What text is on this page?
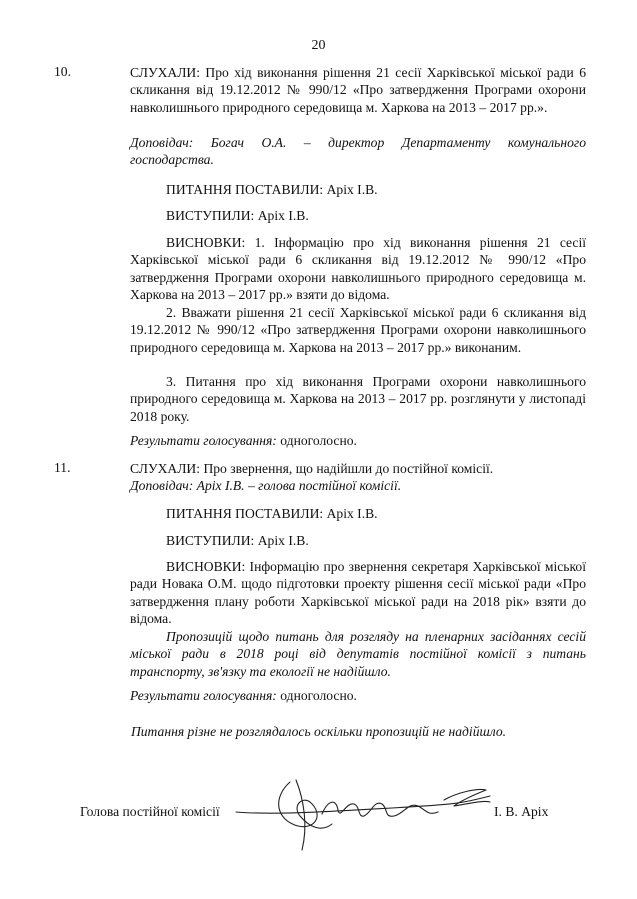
20
10.	СЛУХАЛИ: Про хід виконання рішення 21 сесії Харківської міської ради 6 скликання від 19.12.2012 № 990/12 «Про затвердження Програми охорони навколишнього природного середовища м. Харкова на 2013 – 2017 рр.».
Доповідач: Богач О.А. – директор Департаменту комунального господарства.
ПИТАННЯ ПОСТАВИЛИ: Аріх І.В.
ВИСТУПИЛИ: Аріх І.В.
ВИСНОВКИ: 1. Інформацію про хід виконання рішення 21 сесії Харківської міської ради 6 скликання від 19.12.2012 № 990/12 «Про затвердження Програми охорони навколишнього природного середовища м. Харкова на 2013 – 2017 рр.» взяти до відома.
2. Вважати рішення 21 сесії Харківської міської ради 6 скликання від 19.12.2012 № 990/12 «Про затвердження Програми охорони навколишнього природного середовища м. Харкова на 2013 – 2017 рр.» виконаним.
3. Питання про хід виконання Програми охорони навколишнього природного середовища м. Харкова на 2013 – 2017 рр. розглянути у листопаді 2018 року.
Результати голосування: одноголосно.
11.	СЛУХАЛИ: Про звернення, що надійшли до постійної комісії.
Доповідач: Аріх І.В. – голова постійної комісії.
ПИТАННЯ ПОСТАВИЛИ: Аріх І.В.
ВИСТУПИЛИ: Аріх І.В.
ВИСНОВКИ: Інформацію про звернення секретаря Харківської міської ради Новака О.М. щодо підготовки проекту рішення сесії міської ради «Про затвердження плану роботи Харківської міської ради на 2018 рік» взяти до відома.
Пропозицій щодо питань для розгляду на пленарних засіданнях сесій міської ради в 2018 році від депутатів постійної комісії з питань транспорту, зв'язку та екології не надійшло.
Результати голосування: одноголосно.
Питання різне не розглядалось оскільки пропозицій не надійшло.
Голова постійної комісії	І. В. Аріх
